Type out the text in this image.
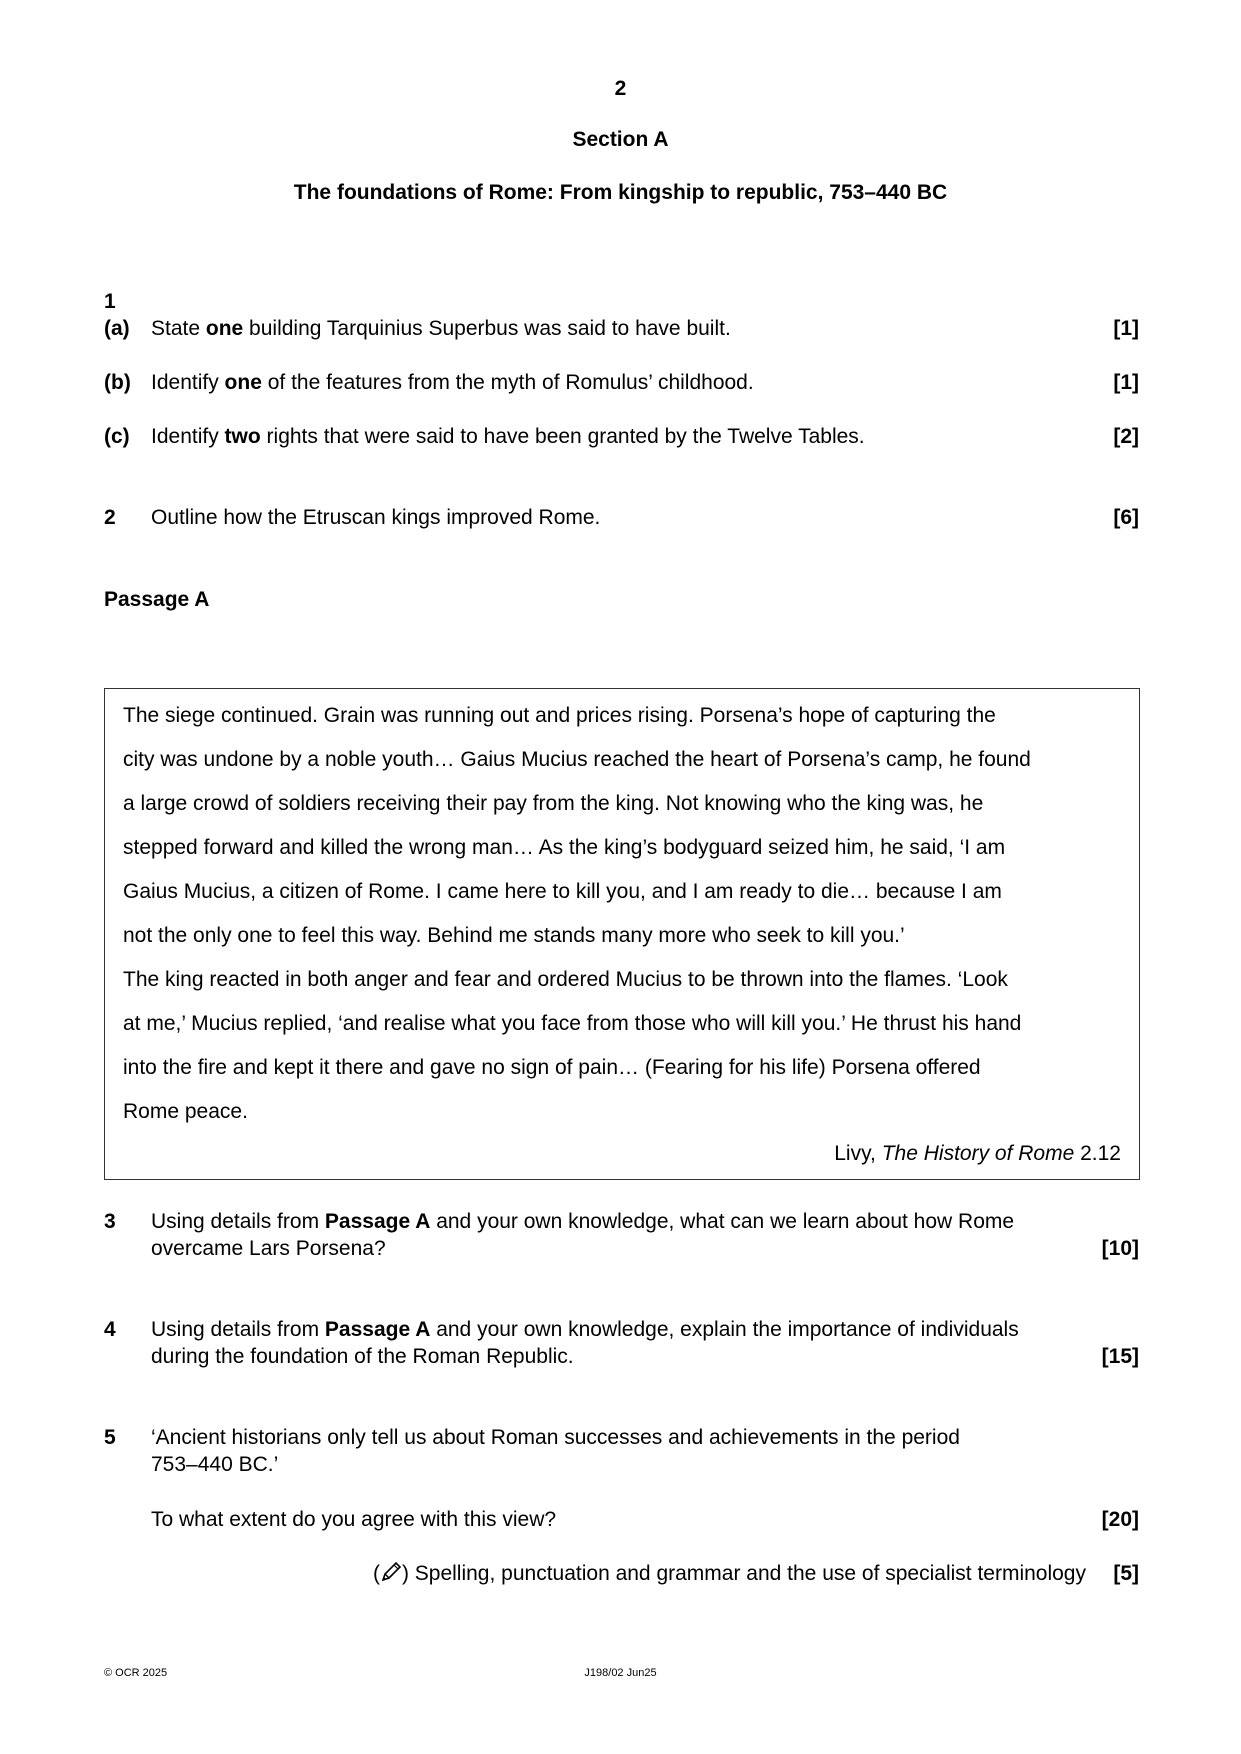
2
Section A
The foundations of Rome: From kingship to republic, 753–440 BC
1
(a) State one building Tarquinius Superbus was said to have built.	[1]
(b) Identify one of the features from the myth of Romulus’ childhood.	[1]
(c) Identify two rights that were said to have been granted by the Twelve Tables.	[2]
2 Outline how the Etruscan kings improved Rome.	[6]
Passage A
The siege continued. Grain was running out and prices rising. Porsena’s hope of capturing the
city was undone by a noble youth… Gaius Mucius reached the heart of Porsena’s camp, he found
a large crowd of soldiers receiving their pay from the king. Not knowing who the king was, he
stepped forward and killed the wrong man… As the king’s bodyguard seized him, he said, ‘I am
Gaius Mucius, a citizen of Rome. I came here to kill you, and I am ready to die… because I am
not the only one to feel this way. Behind me stands many more who seek to kill you.’
The king reacted in both anger and fear and ordered Mucius to be thrown into the flames. ‘Look
at me,’ Mucius replied, ‘and realise what you face from those who will kill you.’ He thrust his hand
into the fire and kept it there and gave no sign of pain… (Fearing for his life) Porsena offered
Rome peace.
Livy, The History of Rome 2.12
3 Using details from Passage A and your own knowledge, what can we learn about how Rome
overcame Lars Porsena?	[10]
4 Using details from Passage A and your own knowledge, explain the importance of individuals
during the foundation of the Roman Republic.	[15]
5 ‘Ancient historians only tell us about Roman successes and achievements in the period
753–440 BC.’
To what extent do you agree with this view?	[20]
( ) Spelling, punctuation and grammar and the use of specialist terminology [5]
© OCR 2025	J198/02 Jun25
